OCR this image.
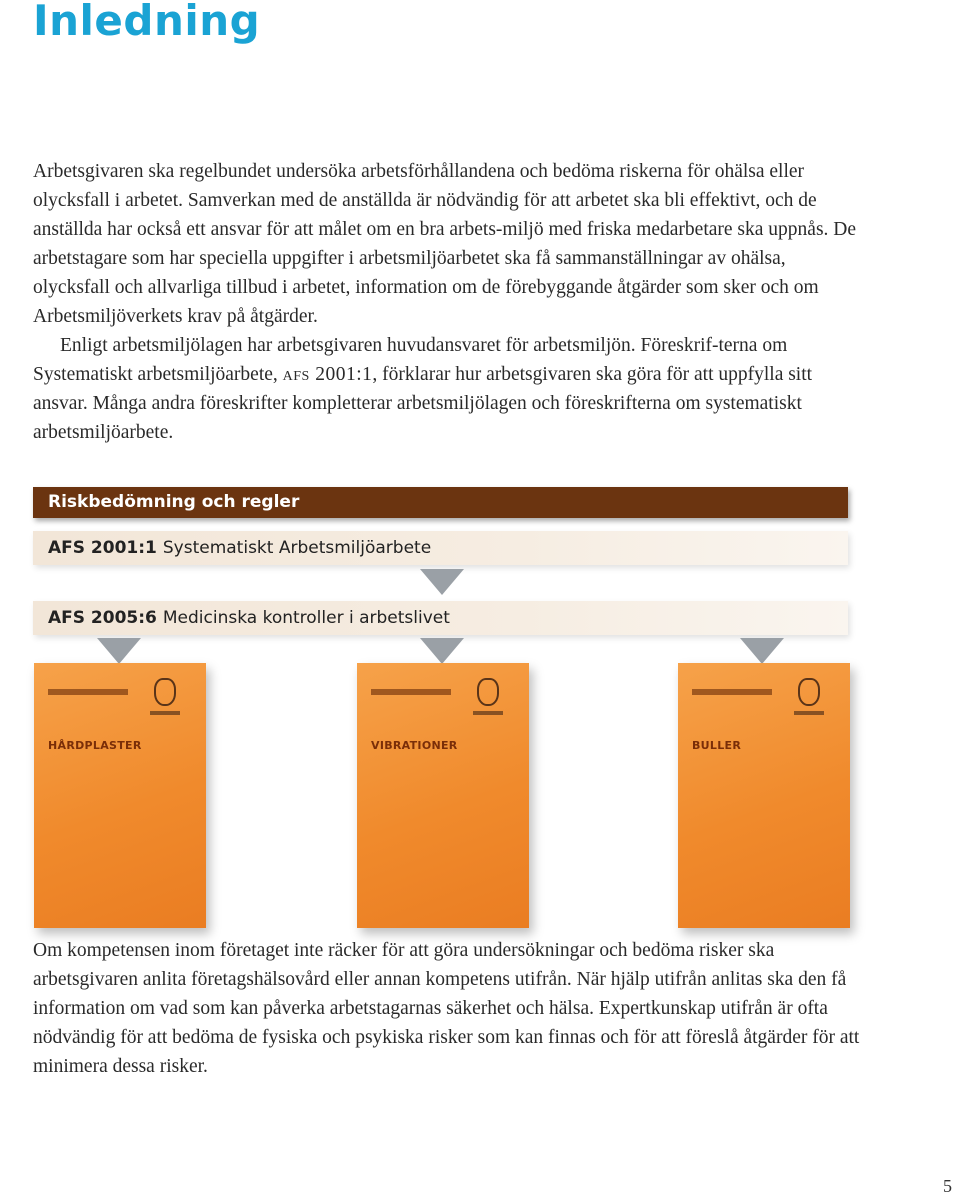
Inledning

Arbetsgivaren ska regelbundet undersöka arbetsförhållandena och bedöma riskerna för ohälsa eller olycksfall i arbetet. Samverkan med de anställda är nödvändig för att arbetet ska bli effektivt, och de anställda har också ett ansvar för att målet om en bra arbets-miljö med friska medarbetare ska uppnås. De arbetstagare som har speciella uppgifter i arbetsmiljöarbetet ska få sammanställningar av ohälsa, olycksfall och allvarliga tillbud i arbetet, information om de förebyggande åtgärder som sker och om Arbetsmiljöverkets krav på åtgärder.

Enligt arbetsmiljölagen har arbetsgivaren huvudansvaret för arbetsmiljön. Föreskrif-terna om Systematiskt arbetsmiljöarbete, afs 2001:1, förklarar hur arbetsgivaren ska göra för att uppfylla sitt ansvar. Många andra föreskrifter kompletterar arbetsmiljölagen och föreskrifterna om systematiskt arbetsmiljöarbete.

Riskbedömning och regler
AFS 2001:1 Systematiskt Arbetsmiljöarbete
AFS 2005:6 Medicinska kontroller i arbetslivet
HÅRDPLASTER	VIBRATIONER	BULLER

Om kompetensen inom företaget inte räcker för att göra undersökningar och bedöma risker ska arbetsgivaren anlita företagshälsovård eller annan kompetens utifrån. När hjälp utifrån anlitas ska den få information om vad som kan påverka arbetstagarnas säkerhet och hälsa. Expertkunskap utifrån är ofta nödvändig för att bedöma de fysiska och psykiska risker som kan finnas och för att föreslå åtgärder för att minimera dessa risker.

5
